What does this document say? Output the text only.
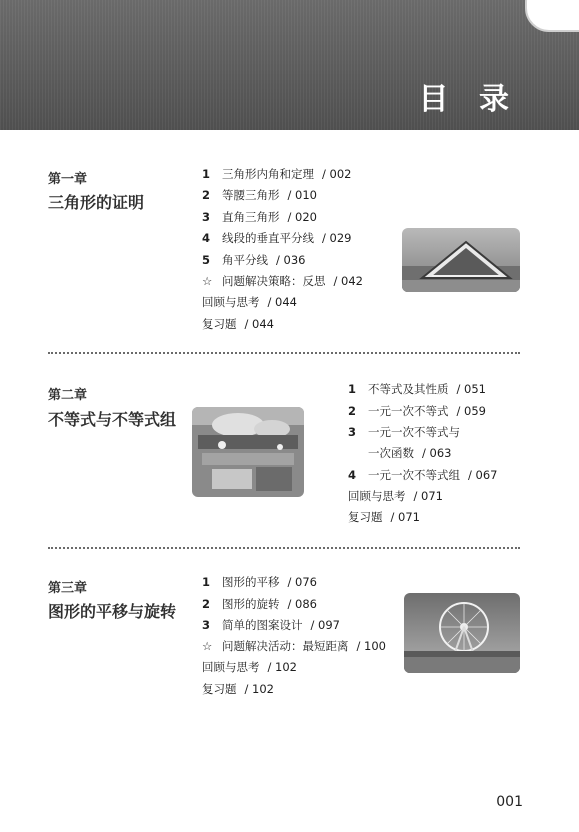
目 录
第一章
三角形的证明
1 三角形内角和定理 / 002
2 等腰三角形 / 010
3 直角三角形 / 020
4 线段的垂直平分线 / 029
5 角平分线 / 036
☆ 问题解决策略：反思 / 042
回顾与思考 / 044
复习题 / 044
第二章
不等式与不等式组
1 不等式及其性质 / 051
2 一元一次不等式 / 059
3 一元一次不等式与
一次函数 / 063
4 一元一次不等式组 / 067
回顾与思考 / 071
复习题 / 071
第三章
图形的平移与旋转
1 图形的平移 / 076
2 图形的旋转 / 086
3 简单的图案设计 / 097
☆ 问题解决活动：最短距离 / 100
回顾与思考 / 102
复习题 / 102
001
